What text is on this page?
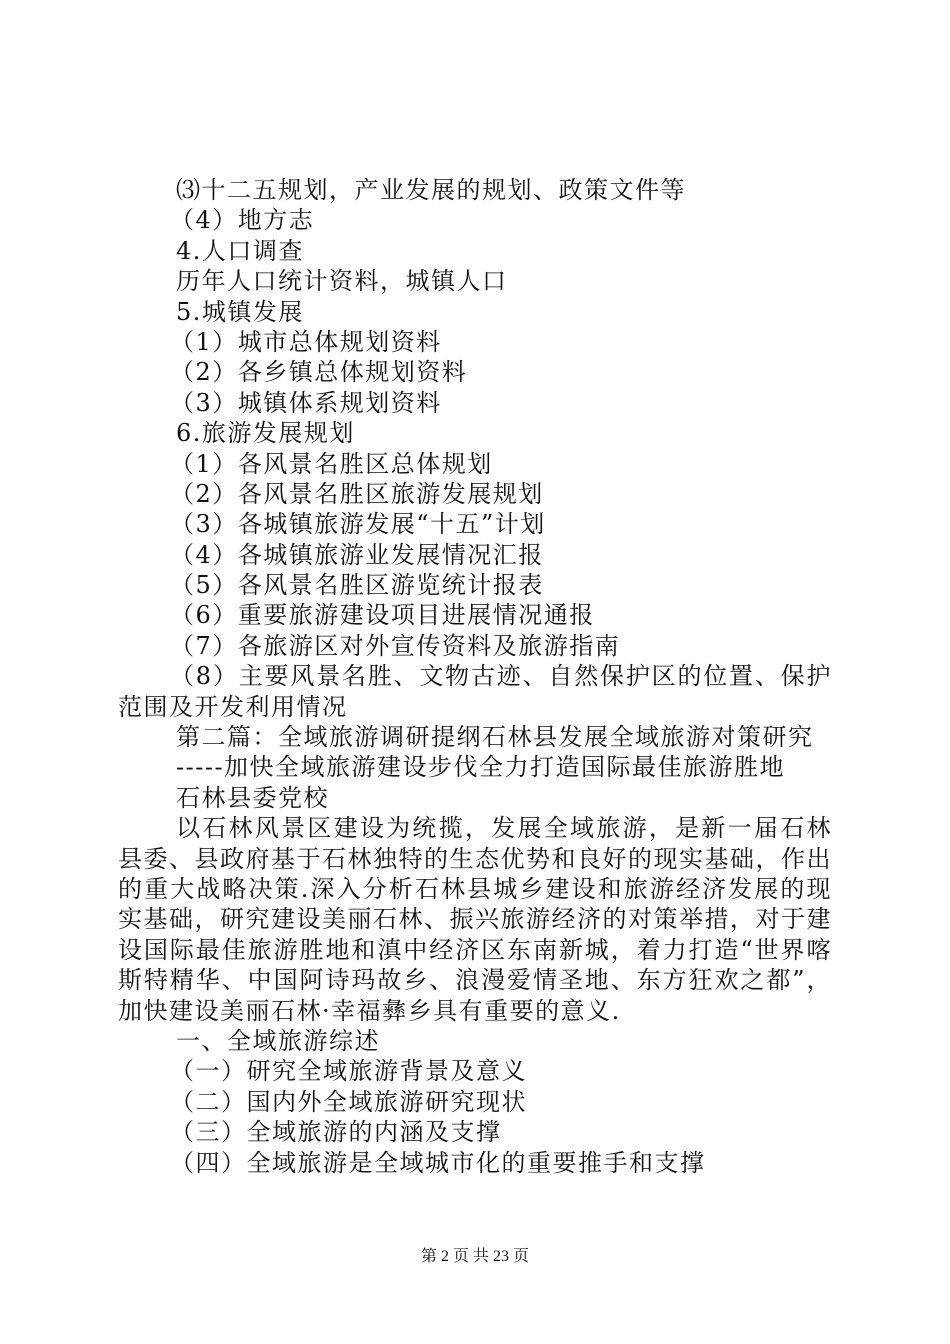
⑶十二五规划，产业发展的规划、政策文件等
（4）地方志
4.人口调查
历年人口统计资料，城镇人口
5.城镇发展
（1）城市总体规划资料
（2）各乡镇总体规划资料
（3）城镇体系规划资料
6.旅游发展规划
（1）各风景名胜区总体规划
（2）各风景名胜区旅游发展规划
（3）各城镇旅游发展“十五”计划
（4）各城镇旅游业发展情况汇报
（5）各风景名胜区游览统计报表
（6）重要旅游建设项目进展情况通报
（7）各旅游区对外宣传资料及旅游指南
（8）主要风景名胜、文物古迹、自然保护区的位置、保护范围及开发利用情况
第二篇：全域旅游调研提纲石林县发展全域旅游对策研究
-----加快全域旅游建设步伐全力打造国际最佳旅游胜地
石林县委党校
以石林风景区建设为统揽，发展全域旅游，是新一届石林县委、县政府基于石林独特的生态优势和良好的现实基础，作出的重大战略决策.深入分析石林县城乡建设和旅游经济发展的现实基础，研究建设美丽石林、振兴旅游经济的对策举措，对于建设国际最佳旅游胜地和滇中经济区东南新城，着力打造“世界喀斯特精华、中国阿诗玛故乡、浪漫爱情圣地、东方狂欢之都”，加快建设美丽石林·幸福彝乡具有重要的意义.
一、全域旅游综述
（一）研究全域旅游背景及意义
（二）国内外全域旅游研究现状
（三）全域旅游的内涵及支撑
（四）全域旅游是全域城市化的重要推手和支撑
第 2 页 共 23 页
